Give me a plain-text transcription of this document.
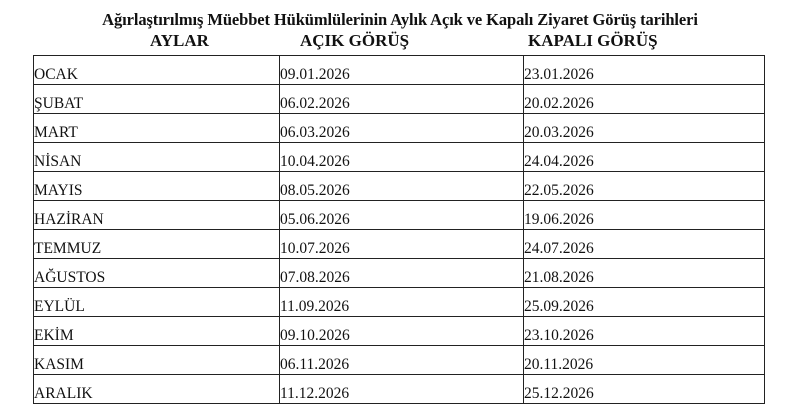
Ağırlaştırılmış Müebbet Hükümlülerinin Aylık Açık ve Kapalı Ziyaret Görüş tarihleri
AYLAR	AÇIK GÖRÜŞ	KAPALI GÖRÜŞ
OCAK	09.01.2026	23.01.2026
ŞUBAT	06.02.2026	20.02.2026
MART	06.03.2026	20.03.2026
NİSAN	10.04.2026	24.04.2026
MAYIS	08.05.2026	22.05.2026
HAZİRAN	05.06.2026	19.06.2026
TEMMUZ	10.07.2026	24.07.2026
AĞUSTOS	07.08.2026	21.08.2026
EYLÜL	11.09.2026	25.09.2026
EKİM	09.10.2026	23.10.2026
KASIM	06.11.2026	20.11.2026
ARALIK	11.12.2026	25.12.2026
